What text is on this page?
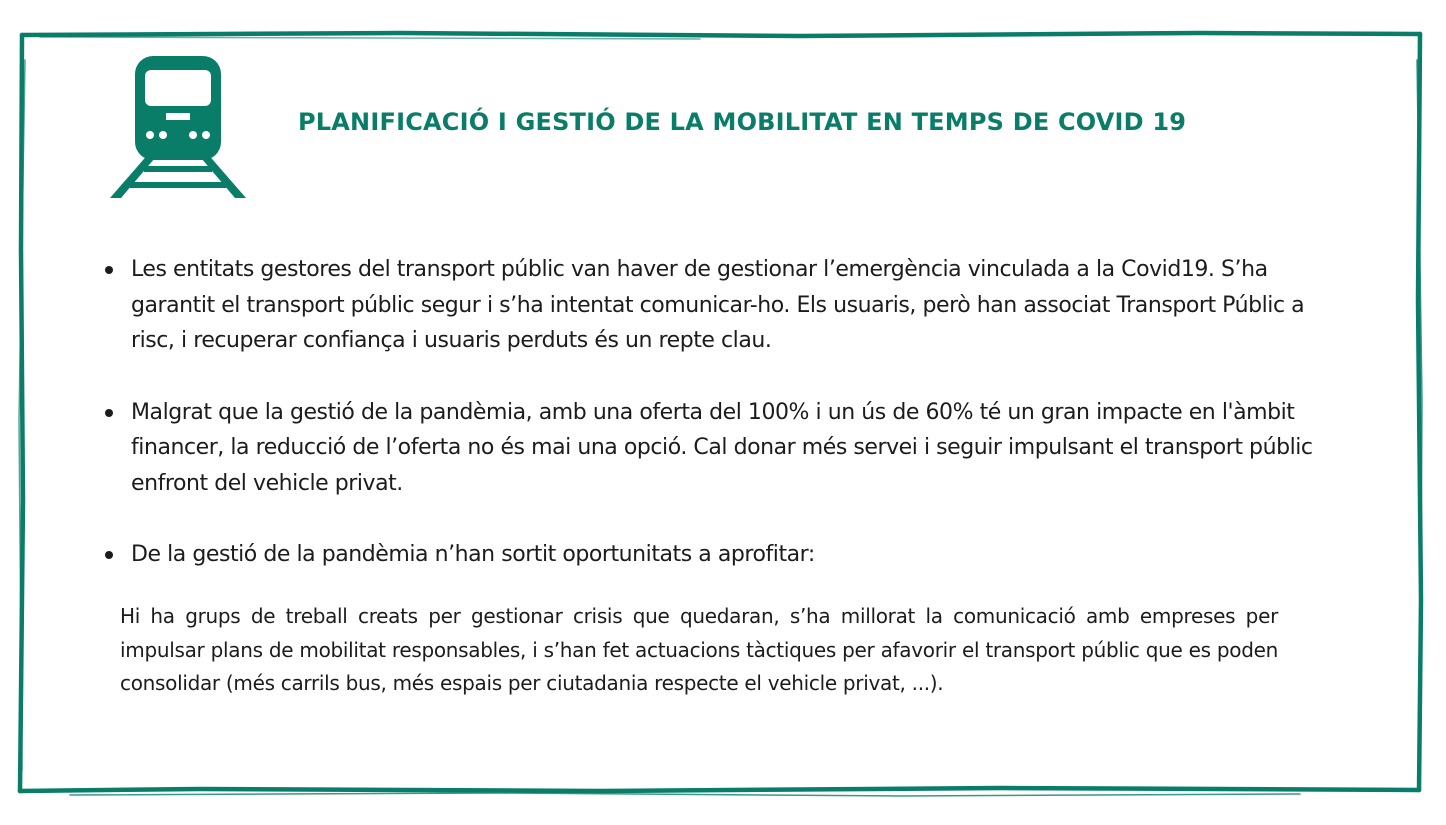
PLANIFICACIÓ I GESTIÓ DE LA MOBILITAT EN TEMPS DE COVID 19
Les entitats gestores del transport públic van haver de gestionar l’emergència vinculada a la Covid19. S’ha garantit el transport públic segur i s’ha intentat comunicar-ho. Els usuaris, però han associat Transport Públic a risc, i recuperar confiança i usuaris perduts és un repte clau.
Malgrat que la gestió de la pandèmia, amb una oferta del 100% i un ús de 60% té un gran impacte en l'àmbit financer, la reducció de l’oferta no és mai una opció. Cal donar més servei i seguir impulsant el transport públic enfront del vehicle privat.
De la gestió de la pandèmia n’han sortit oportunitats a aprofitar:

Hi ha grups de treball creats per gestionar crisis que quedaran, s’ha millorat la comunicació amb empreses per impulsar plans de mobilitat responsables, i s’han fet actuacions tàctiques per afavorir el transport públic que es poden consolidar (més carrils bus, més espais per ciutadania respecte el vehicle privat, ...).
